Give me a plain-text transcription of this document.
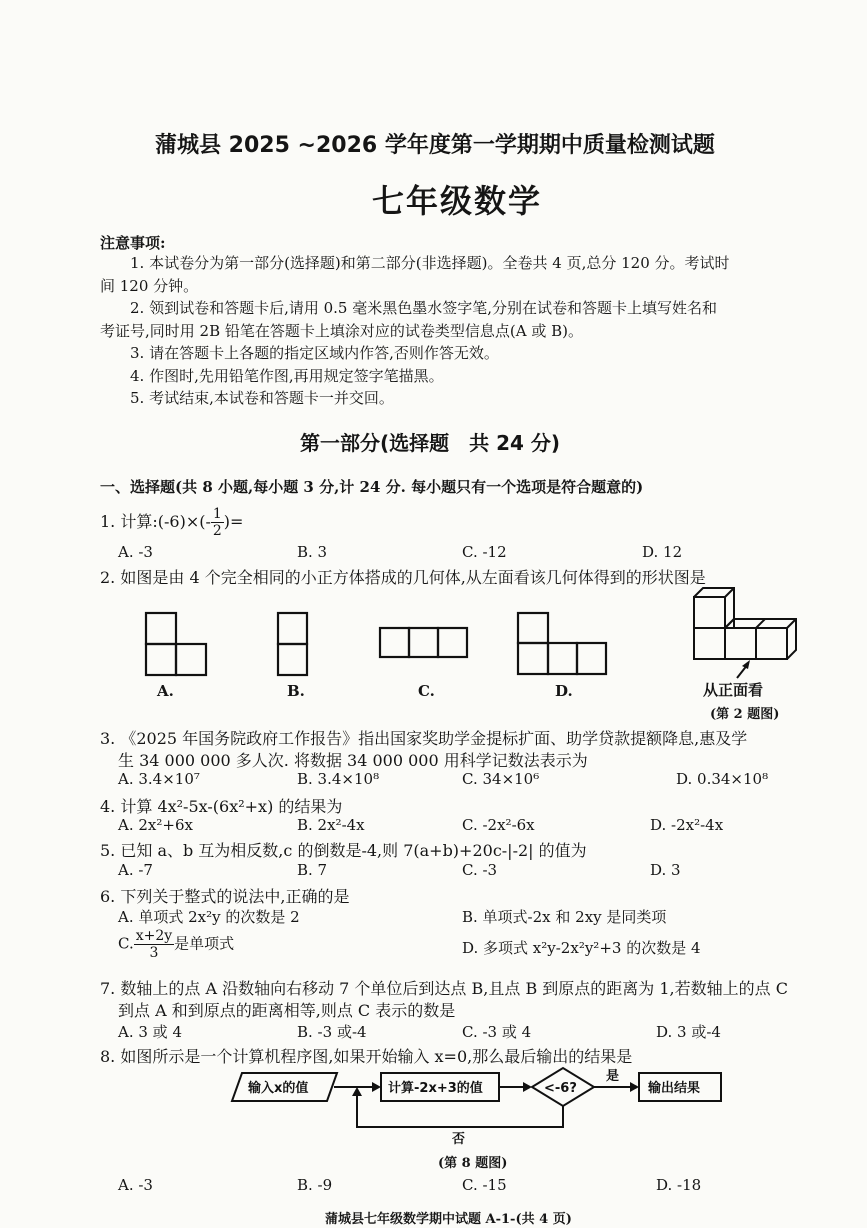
蒲城县 2025 ~2026 学年度第一学期期中质量检测试题
七年级数学
注意事项:
1. 本试卷分为第一部分(选择题)和第二部分(非选择题)。全卷共 4 页,总分 120 分。考试时
间 120 分钟。
2. 领到试卷和答题卡后,请用 0.5 毫米黑色墨水签字笔,分别在试卷和答题卡上填写姓名和
考证号,同时用 2B 铅笔在答题卡上填涂对应的试卷类型信息点(A 或 B)。
3. 请在答题卡上各题的指定区域内作答,否则作答无效。
4. 作图时,先用铅笔作图,再用规定签字笔描黑。
5. 考试结束,本试卷和答题卡一并交回。
第一部分(选择题　共 24 分)
一、选择题(共 8 小题,每小题 3 分,计 24 分. 每小题只有一个选项是符合题意的)
1. 计算:(-6)×(- $\frac{1}{2}$ )=
A. -3	B. 3	C. -12	D. 12
2. 如图是由 4 个完全相同的小正方体搭成的几何体,从左面看该几何体得到的形状图是
A.	B.	C.	D.	从正面看
(第 2 题图)
3. 《2025 年国务院政府工作报告》指出国家奖助学金提标扩面、助学贷款提额降息,惠及学
生 34 000 000 多人次. 将数据 34 000 000 用科学记数法表示为
A. 3.4×10⁷	B. 3.4×10⁸	C. 34×10⁶	D. 0.34×10⁸
4. 计算 4x²-5x-(6x²+x) 的结果为
A. 2x²+6x	B. 2x²-4x	C. -2x²-6x	D. -2x²-4x
5. 已知 a、b 互为相反数,c 的倒数是-4,则 7(a+b)+20c-|-2| 的值为
A. -7	B. 7	C. -3	D. 3
6. 下列关于整式的说法中,正确的是
A. 单项式 2x²y 的次数是 2	B. 单项式-2x 和 2xy 是同类项
C. $\frac{x+2y}{3}$ 是单项式	D. 多项式 x²y-2x²y²+3 的次数是 4
7. 数轴上的点 A 沿数轴向右移动 7 个单位后到达点 B,且点 B 到原点的距离为 1,若数轴上的点 C
到点 A 和到原点的距离相等,则点 C 表示的数是
A. 3 或 4	B. -3 或-4	C. -3 或 4	D. 3 或-4
8. 如图所示是一个计算机程序图,如果开始输入 x=0,那么最后输出的结果是
输入x的值	计算-2x+3的值	<-6?
是
输出结果
否
(第 8 题图)
A. -3	B. -9	C. -15	D. -18
蒲城县七年级数学期中试题 A-1-(共 4 页)
